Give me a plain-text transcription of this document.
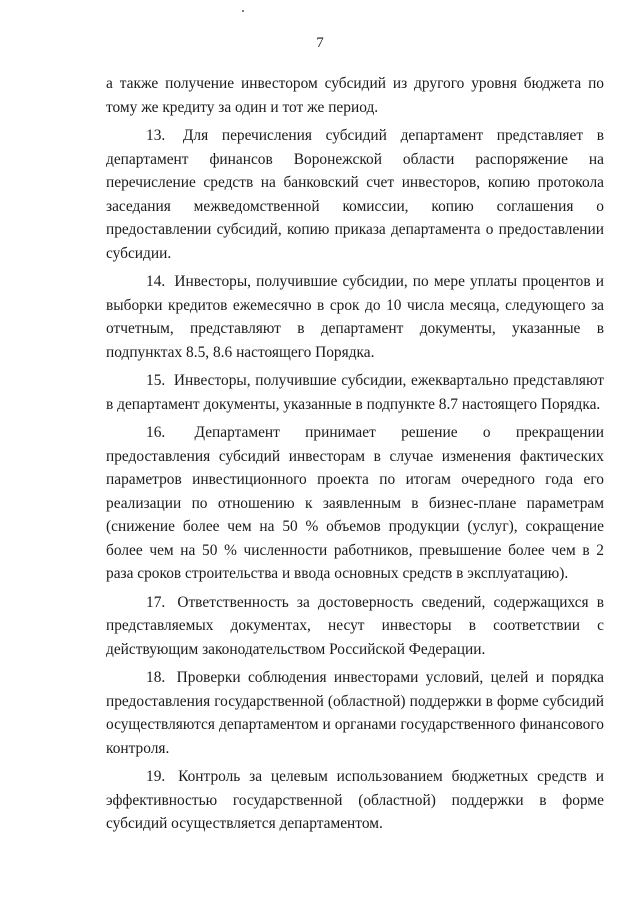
7

а также получение инвестором субсидий из другого уровня бюджета по тому же кредиту за один и тот же период.

13. Для перечисления субсидий департамент представляет в департамент финансов Воронежской области распоряжение на перечисление средств на банковский счет инвесторов, копию протокола заседания межведомственной комиссии, копию соглашения о предоставлении субсидий, копию приказа департамента о предоставлении субсидии.

14. Инвесторы, получившие субсидии, по мере уплаты процентов и выборки кредитов ежемесячно в срок до 10 числа месяца, следующего за отчетным, представляют в департамент документы, указанные в подпунктах 8.5, 8.6 настоящего Порядка.

15. Инвесторы, получившие субсидии, ежеквартально представляют в департамент документы, указанные в подпункте 8.7 настоящего Порядка.

16. Департамент принимает решение о прекращении предоставления субсидий инвесторам в случае изменения фактических параметров инвестиционного проекта по итогам очередного года его реализации по отношению к заявленным в бизнес-плане параметрам (снижение более чем на 50 % объемов продукции (услуг), сокращение более чем на 50 % численности работников, превышение более чем в 2 раза сроков строительства и ввода основных средств в эксплуатацию).

17. Ответственность за достоверность сведений, содержащихся в представляемых документах, несут инвесторы в соответствии с действующим законодательством Российской Федерации.

18. Проверки соблюдения инвесторами условий, целей и порядка предоставления государственной (областной) поддержки в форме субсидий осуществляются департаментом и органами государственного финансового контроля.

19. Контроль за целевым использованием бюджетных средств и эффективностью государственной (областной) поддержки в форме субсидий осуществляется департаментом.
